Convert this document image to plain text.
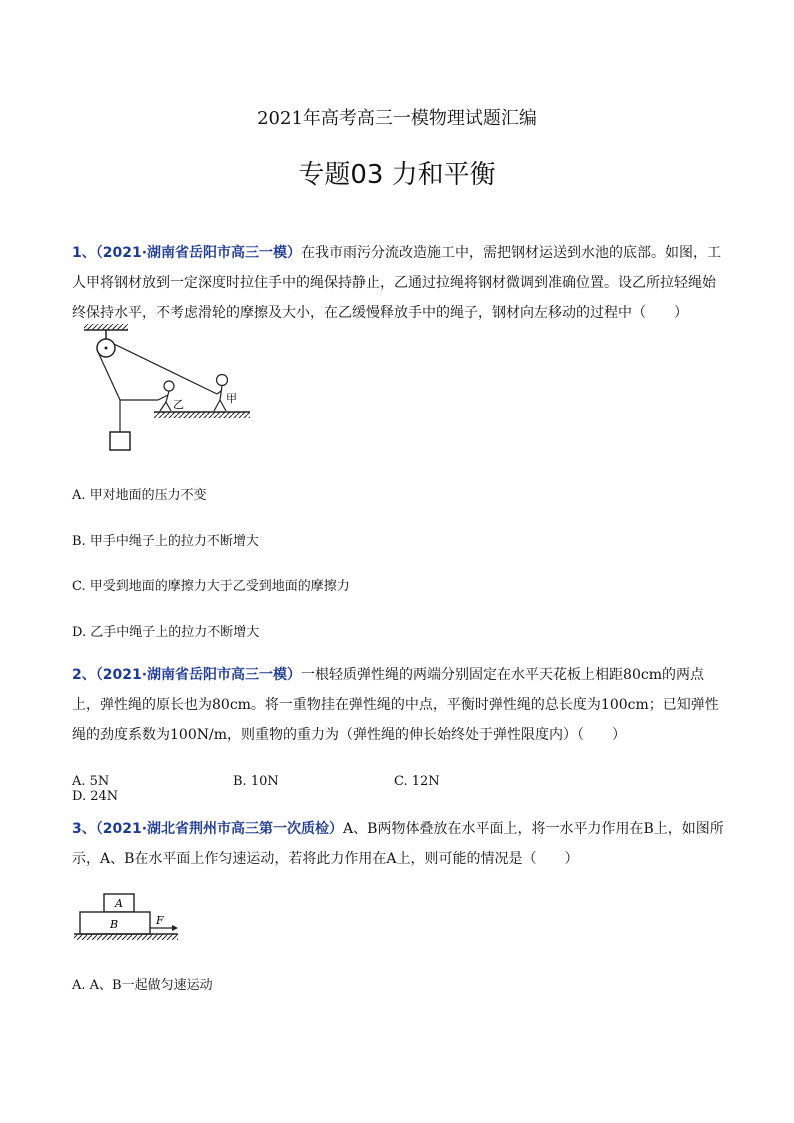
2021年高考高三一模物理试题汇编
专题03 力和平衡
1、（2021·湖南省岳阳市高三一模）在我市雨污分流改造施工中，需把钢材运送到水池的底部。如图，工人甲将钢材放到一定深度时拉住手中的绳保持静止，乙通过拉绳将钢材微调到准确位置。设乙所拉轻绳始终保持水平，不考虑滑轮的摩擦及大小，在乙缓慢释放手中的绳子，钢材向左移动的过程中（　　）
乙	甲
A. 甲对地面的压力不变
B. 甲手中绳子上的拉力不断增大
C. 甲受到地面的摩擦力大于乙受到地面的摩擦力
D. 乙手中绳子上的拉力不断增大
2、（2021·湖南省岳阳市高三一模）一根轻质弹性绳的两端分别固定在水平天花板上相距80cm的两点上，弹性绳的原长也为80cm。将一重物挂在弹性绳的中点，平衡时弹性绳的总长度为100cm；已知弹性绳的劲度系数为100N/m，则重物的重力为（弹性绳的伸长始终处于弹性限度内）（　　）
A. 5N	B. 10N	C. 12ND. 24N
3、（2021·湖北省荆州市高三第一次质检）A、B两物体叠放在水平面上，将一水平力作用在B上，如图所示，A、B在水平面上作匀速运动，若将此力作用在A上，则可能的情况是（　　）
A
B	F
A. A、B一起做匀速运动
